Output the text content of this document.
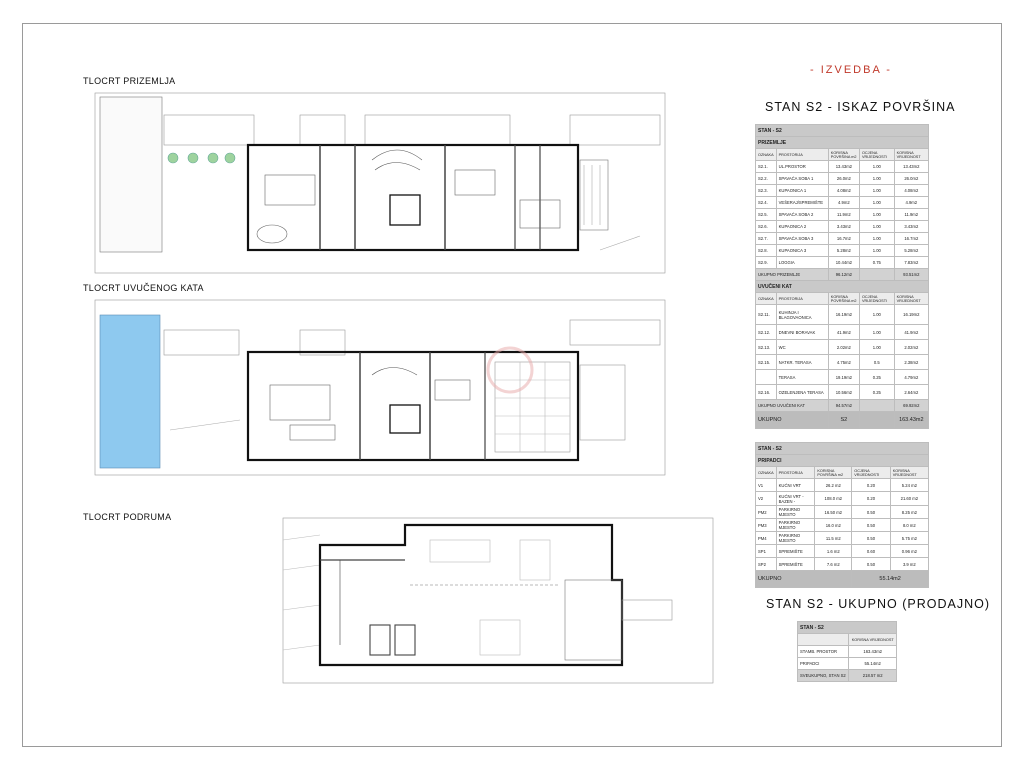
TLOCRT PRIZEMLJA
TLOCRT UVUČENOG KATA
TLOCRT PODRUMA
- IZVEDBA -
STAN S2 - ISKAZ POVRŠINA
STAN - S2				
PRIZEMLJE				
OZNAKA	PROSTORIJA	KORISNA POVRŠINA m2	OCJENA VRIJEDNOSTI	KORISNA VRIJEDNOST
S2.1.	UL.PROSTOR	13.43m2	1.00	13.43m2
S2.2.	SPAVAĆA SOBA 1	26.0m2	1.00	26.0m2
S2.3.	KUPAONICA 1	4.08m2	1.00	4.08m2
S2.4.	VEŠERAJ/SPREMIŠTE	4.9m2	1.00	4.9m2
S2.5.	SPAVAĆA SOBA 2	11.9m2	1.00	11.9m2
S2.6.	KUPAONICA 2	3.43m2	1.00	3.43m2
S2.7.	SPAVAĆA SOBA 3	16.7m2	1.00	16.7m2
S2.8.	KUPAONICA 3	5.28m2	1.00	5.28m2
S2.9.	LOGGIA	10.44m2	0.75	7.83m2
UKUPNO PRIZEMLJE		96.12m2		93.51m2
UVUČENI KAT				
OZNAKA	PROSTORIJA	KORISNA POVRŠINA m2	OCJENA VRIJEDNOSTI	KORISNA VRIJEDNOST
S2.11.	KUHINJA I BLAGOVAONICA	16.19m2	1.00	16.19m2
S2.12.	DNEVNI BORAVAK	41.9m2	1.00	41.9m2
S2.13.	WC	2.02m2	1.00	2.02m2
S2.15.	NATKR. TERASA	4.75m2	0.5	2.38m2
	TERASA	19.19m2	0.25	4.79m2
S2.16.	OZELENJENA TERASA	10.56m2	0.25	2.64m2
UKUPNO UVUČENI KAT		94.57m2		69.92m2
UKUPNO		S2		163.43m2
STAN - S2				
PRIPADCI				
OZNAKA	PROSTORIJA	KORISNA POVRŠINA m2	OCJENA VRIJEDNOSTI	KORISNA VRIJEDNOST
V1	KUĆNI VRT	26.2 m2	0.20	5.24 m2
V2	KUĆNI VRT - BAZEN -	108.0 m2	0.20	21.60 m2
PM2	PARKIRNO MJESTO	16.50 m2	0.50	8.25 m2
PM3	PARKIRNO MJESTO	16.0 m2	0.50	8.0 m2
PM4	PARKIRNO MJESTO	11.5 m2	0.50	5.75 m2
SP1	SPREMIŠTE	1.6 m2	0.60	0.96 m2
SP2	SPREMIŠTE	7.6 m2	0.50	3.9 m2
UKUPNO			55.14m2	
STAN S2 - UKUPNO (PRODAJNO)
STAN - S2	
	KORISNA VRIJEDNOST
STAMB. PROSTOR	163.43m2
PRIPADCI	55.14m2
SVEUKUPNO, STAN S2	218.57 m2
